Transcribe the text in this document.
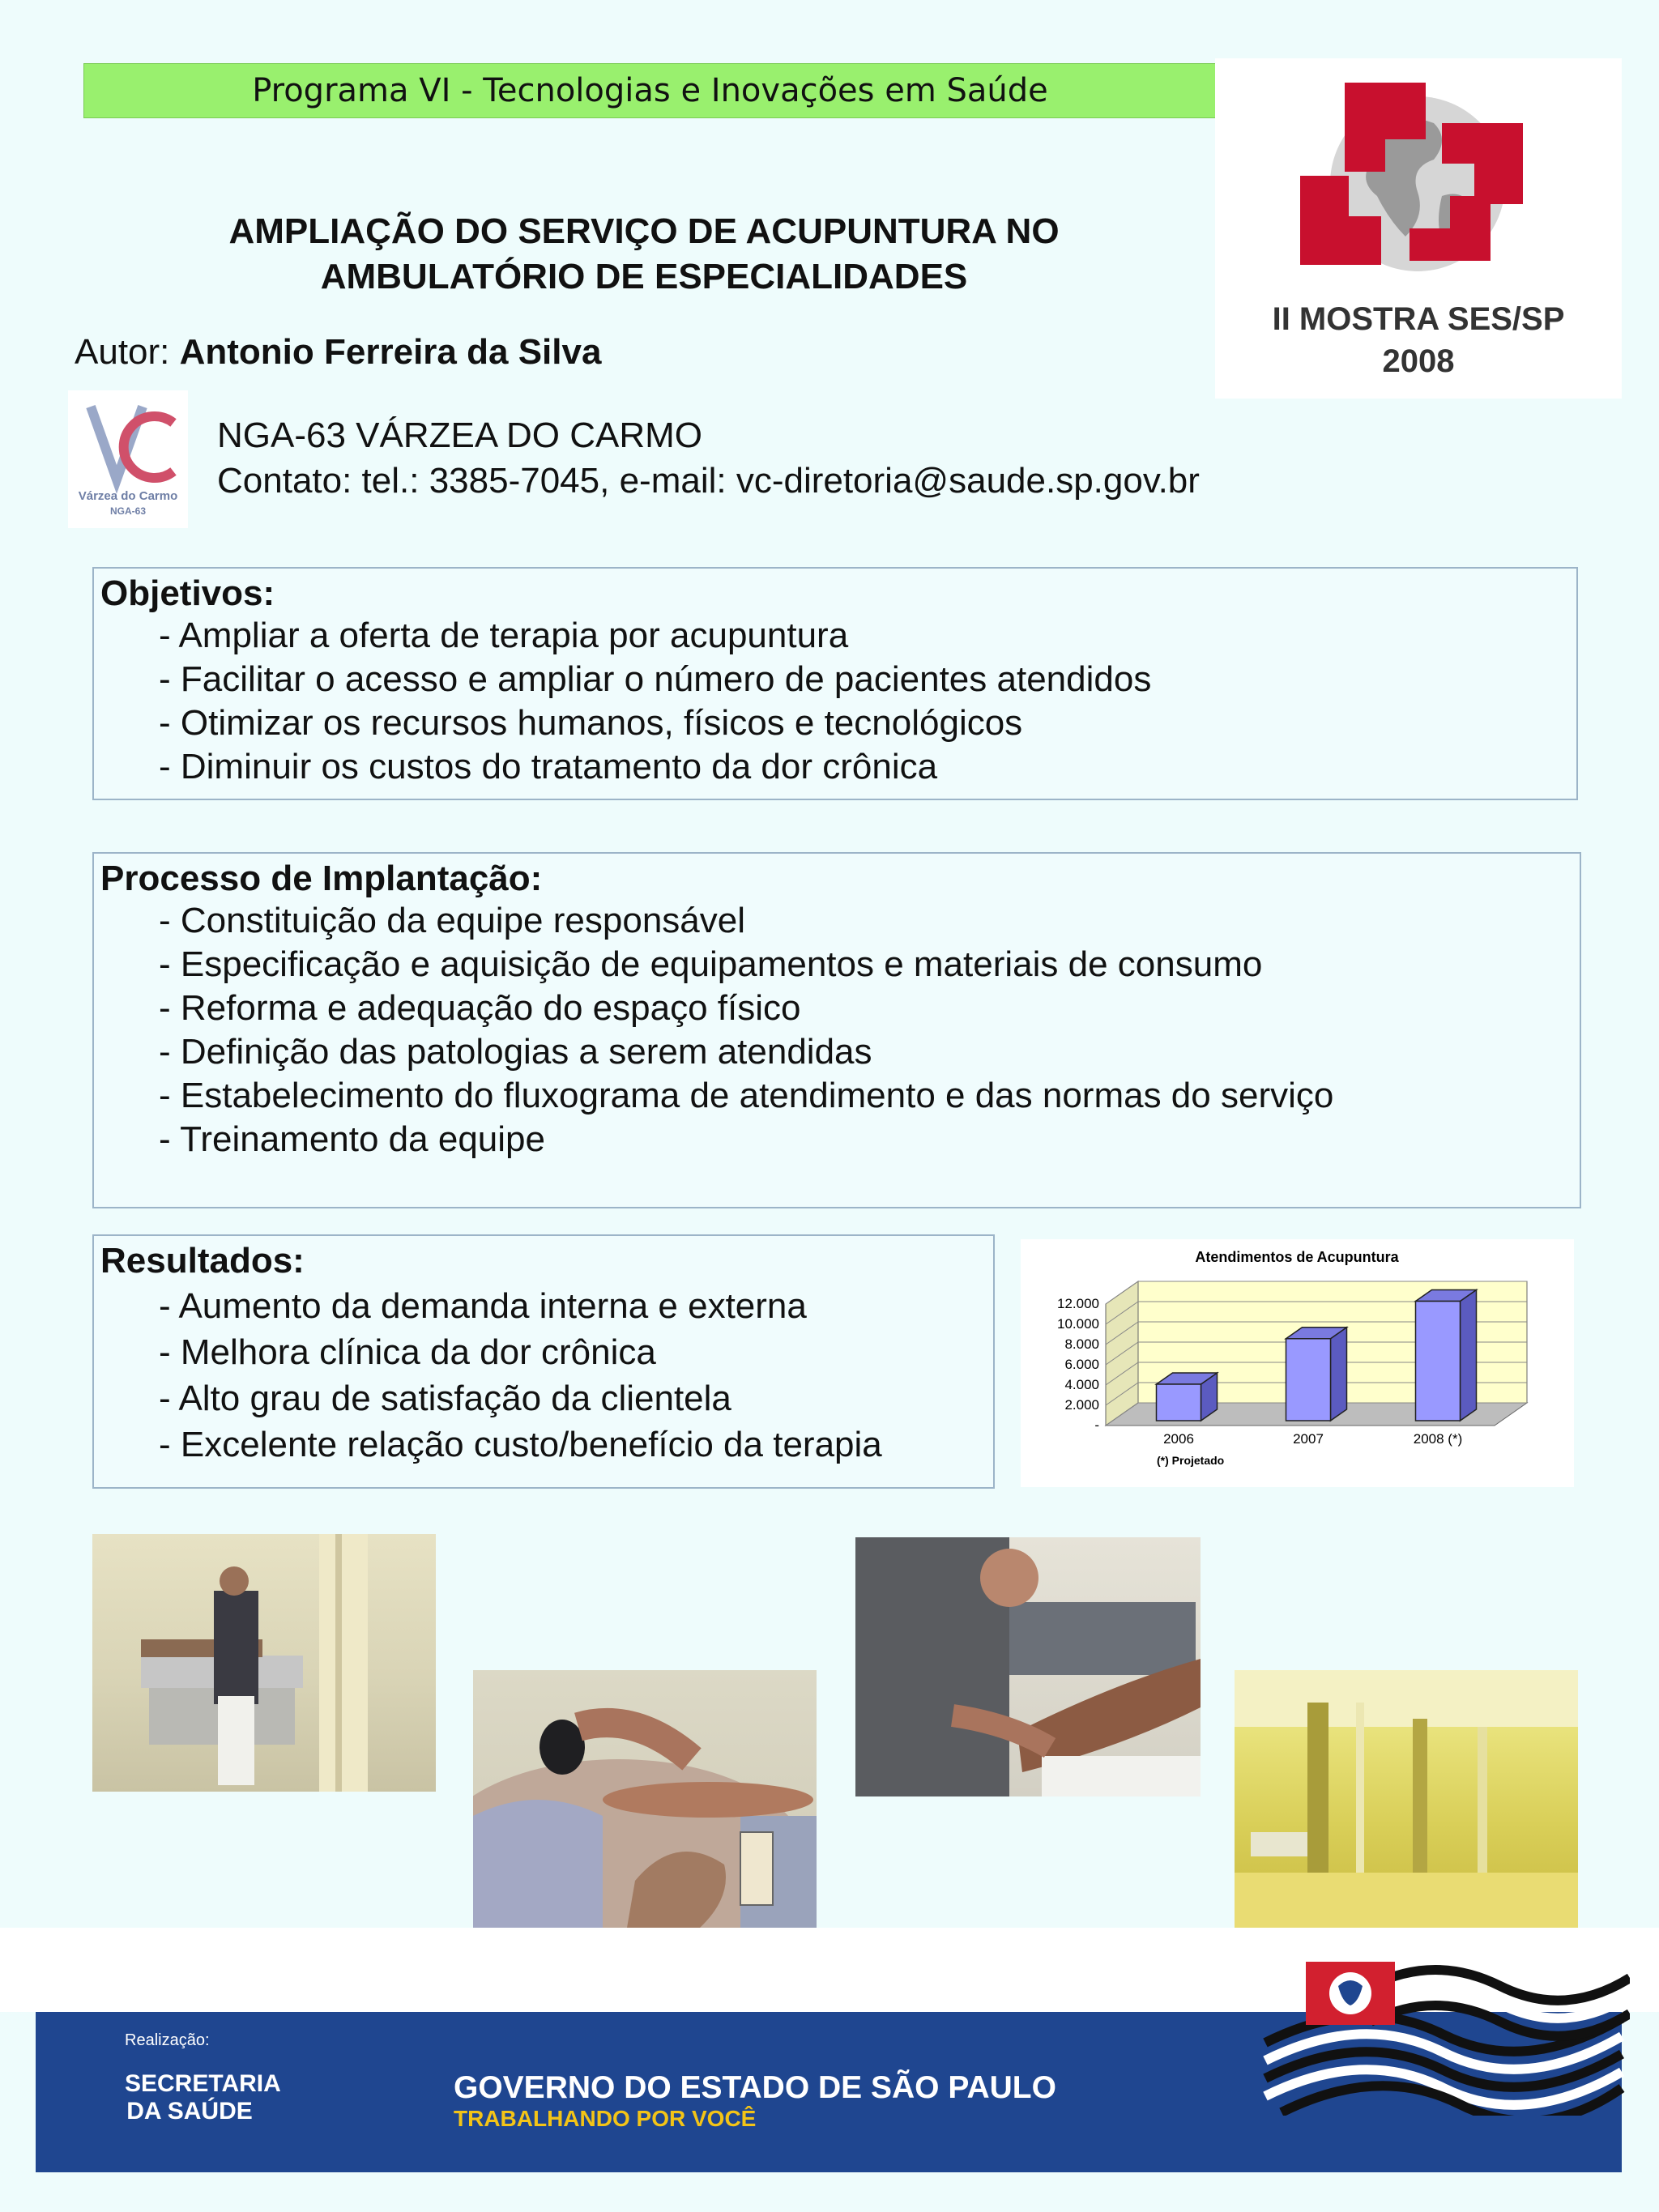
Programa VI - Tecnologias e Inovações em Saúde
II MOSTRA SES/SP
2008
AMPLIAÇÃO DO SERVIÇO DE ACUPUNTURA NO
AMBULATÓRIO DE ESPECIALIDADES
Autor: Antonio Ferreira da Silva
Várzea do Carmo
NGA-63
NGA-63 VÁRZEA DO CARMO
Contato: tel.: 3385-7045, e-mail: vc-diretoria@saude.sp.gov.br
Objetivos:
- Ampliar a oferta de terapia por acupuntura
- Facilitar o acesso e ampliar o número de pacientes atendidos
- Otimizar os recursos humanos, físicos e tecnológicos
- Diminuir os custos do tratamento da dor crônica
Processo de Implantação:
- Constituição da equipe responsável
- Especificação e aquisição de equipamentos e materiais de consumo
- Reforma e adequação do espaço físico
- Definição das patologias a serem atendidas
- Estabelecimento do fluxograma de atendimento e das normas do serviço
- Treinamento da equipe
Resultados:
- Aumento da demanda interna e externa
- Melhora clínica da dor crônica
- Alto grau de satisfação da clientela
- Excelente relação custo/benefício da terapia
Atendimentos de Acupuntura
-
2.000
4.000
6.000
8.000
10.000
12.000
2006	2007	2008 (*)
(*) Projetado
Realização:
SECRETARIA
DA SAÚDE
GOVERNO DO ESTADO DE SÃO PAULO
TRABALHANDO POR VOCÊ
